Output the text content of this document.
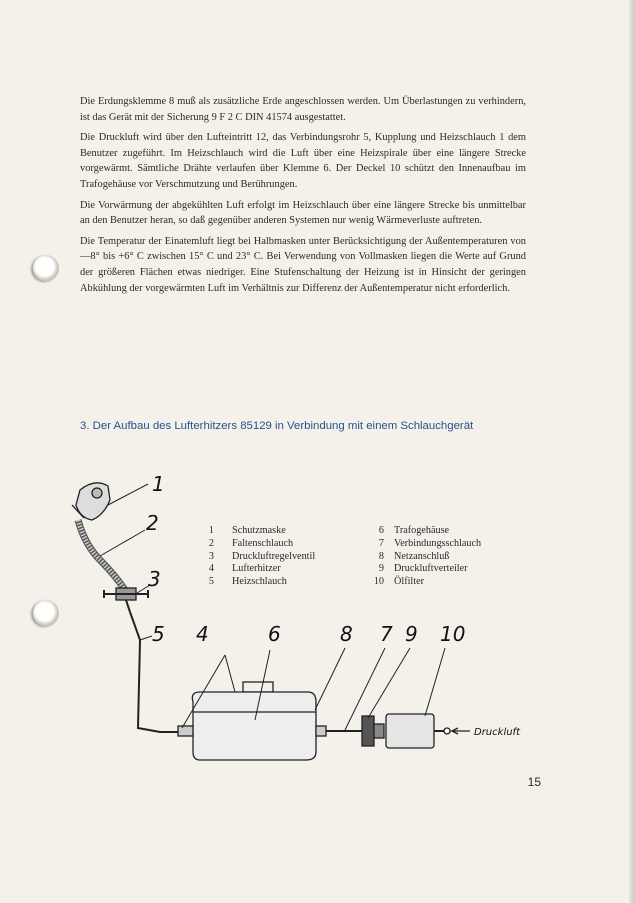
Die Erdungsklemme 8 muß als zusätzliche Erde angeschlossen werden. Um Überlastungen zu verhindern, ist das Gerät mit der Sicherung 9 F 2 C DIN 41574 ausgestattet.

Die Druckluft wird über den Lufteintritt 12, das Verbindungsrohr 5, Kupplung und Heizschlauch 1 dem Benutzer zugeführt. Im Heizschlauch wird die Luft über eine Heizspirale über eine längere Strecke vorgewärmt. Sämtliche Drähte verlaufen über Klemme 6. Der Deckel 10 schützt den Innenaufbau im Trafogehäuse vor Verschmutzung und Berührungen.

Die Vorwärmung der abgekühlten Luft erfolgt im Heizschlauch über eine längere Strecke bis unmittelbar an den Benutzer heran, so daß gegenüber anderen Systemen nur wenig Wärmeverluste auftreten.

Die Temperatur der Einatemluft liegt bei Halbmasken unter Berücksichtigung der Außentemperaturen von —8° bis +6° C zwischen 15° C und 23° C. Bei Verwendung von Vollmasken liegen die Werte auf Grund der größeren Flächen etwas niedriger. Eine Stufenschaltung der Heizung ist in Hinsicht der geringen Abkühlung der vorgewärmten Luft im Verhältnis zur Differenz der Außentemperatur nicht erforderlich.

3. Der Aufbau des Lufterhitzers 85129 in Verbindung mit einem Schlauchgerät
1 Schutzmaske
2 Faltenschlauch
3 Druckluftregelventil
4 Lufterhitzer
5 Heizschlauch
6 Trafogehäuse
7 Verbindungsschlauch
8 Netzanschluß
9 Druckluftverteiler
10 Ölfilter
1
2
3
5 4	6	8 7 9 10
Druckluft
15
